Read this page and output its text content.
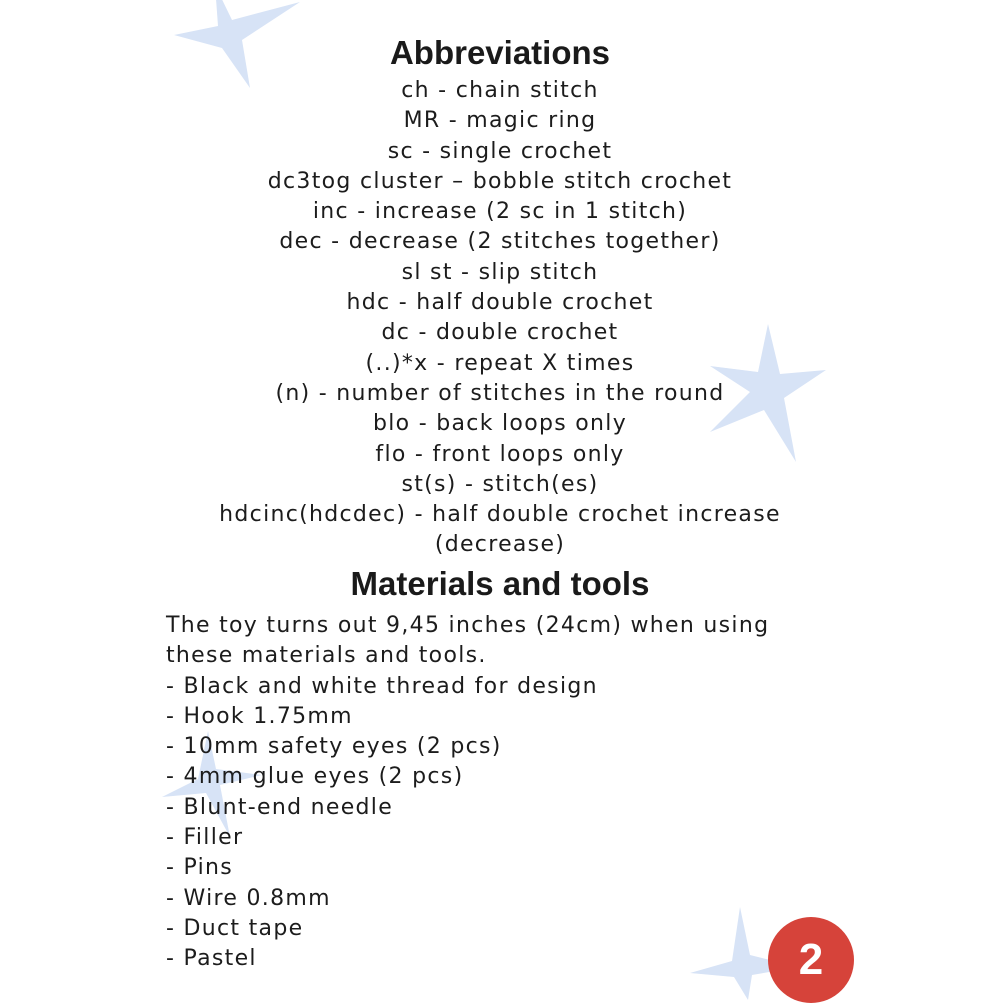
Abbreviations
ch - chain stitch
MR - magic ring
sc - single crochet
dc3tog cluster – bobble stitch crochet
inc - increase (2 sc in 1 stitch)
dec - decrease (2 stitches together)
sl st - slip stitch
hdc - half double crochet
dc - double crochet
(..)*x - repeat X times
(n) - number of stitches in the round
blo - back loops only
flo - front loops only
st(s) - stitch(es)
hdcinc(hdcdec) - half double crochet increase (decrease)
Materials and tools
The toy turns out 9,45 inches (24cm) when using these materials and tools.
- Black and white thread for design
- Hook 1.75mm
- 10mm safety eyes (2 pcs)
- 4mm glue eyes (2 pcs)
- Blunt-end needle
- Filler
- Pins
- Wire 0.8mm
- Duct tape
- Pastel	2
